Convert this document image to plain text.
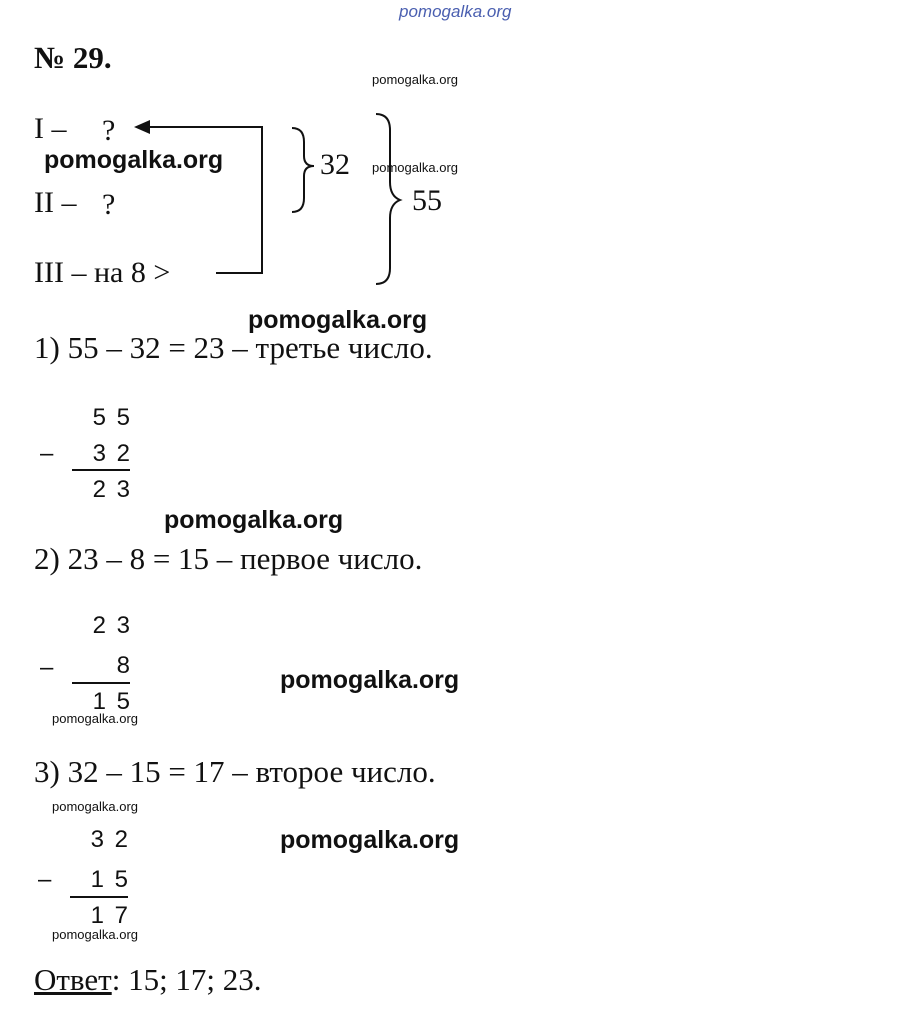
pomogalka.org
№ 29.
I – ?
II – ?
III – на 8 >
32
55
pomogalka.org
pomogalka.org	pomogalka.org
pomogalka.org
pomogalka.org
pomogalka.org
pomogalka.org
pomogalka.org
pomogalka.org
pomogalka.org
1) 55 – 32 = 23 – третье число.
5 5
–	3 2
2 3
2) 23 – 8 = 15 – первое число.
2 3
–	8
1 5
3) 32 – 15 = 17 – второе число.
3 2
–	1 5
1 7
Ответ: 15; 17; 23.
